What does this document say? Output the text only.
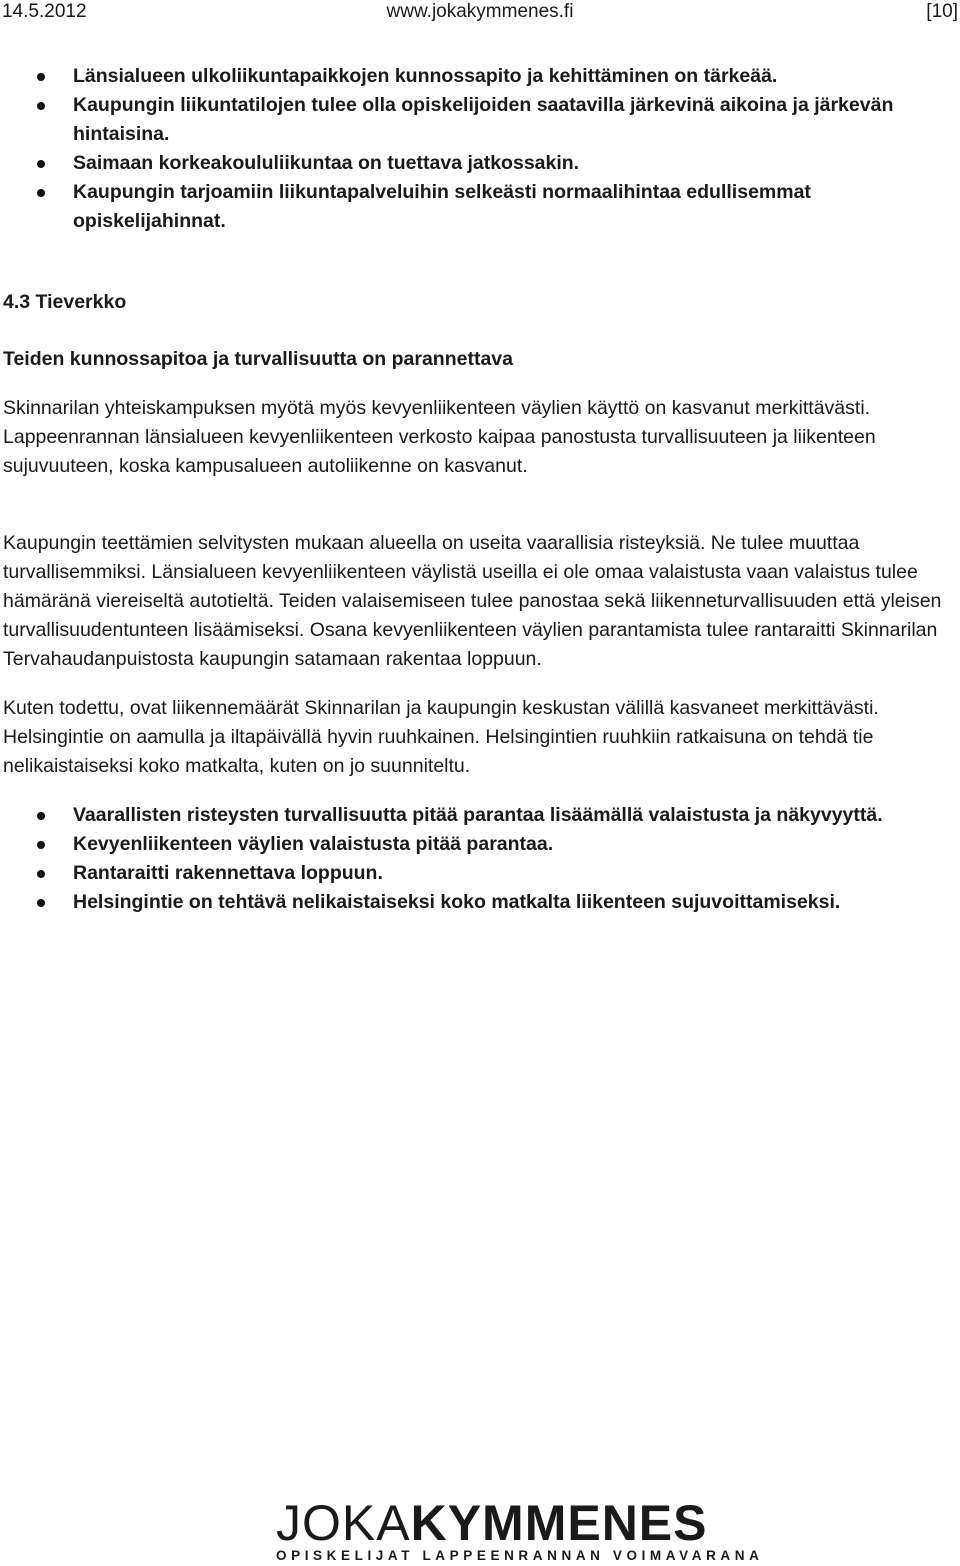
14.5.2012	www.jokakymmenes.fi	[10]
Länsialueen ulkoliikuntapaikkojen kunnossapito ja kehittäminen on tärkeää.
Kaupungin liikuntatilojen tulee olla opiskelijoiden saatavilla järkevinä aikoina ja järkevän hintaisina.
Saimaan korkeakoululiikuntaa on tuettava jatkossakin.
Kaupungin tarjoamiin liikuntapalveluihin selkeästi normaalihintaa edullisemmat opiskelijahinnat.
4.3 Tieverkko
Teiden kunnossapitoa ja turvallisuutta on parannettava

Skinnarilan yhteiskampuksen myötä myös kevyenliikenteen väylien käyttö on kasvanut merkittävästi. Lappeenrannan länsialueen kevyenliikenteen verkosto kaipaa panostusta turvallisuuteen ja liikenteen sujuvuuteen, koska kampusalueen autoliikenne on kasvanut.

Kaupungin teettämien selvitysten mukaan alueella on useita vaarallisia risteyksiä. Ne tulee muuttaa turvallisemmiksi. Länsialueen kevyenliikenteen väylistä useilla ei ole omaa valaistusta vaan valaistus tulee hämäränä viereiseltä autotieltä. Teiden valaisemiseen tulee panostaa sekä liikenneturvallisuuden että yleisen turvallisuudentunteen lisäämiseksi. Osana kevyenliikenteen väylien parantamista tulee rantaraitti Skinnarilan Tervahaudanpuistosta kaupungin satamaan rakentaa loppuun.

Kuten todettu, ovat liikennemäärät Skinnarilan ja kaupungin keskustan välillä kasvaneet merkittävästi. Helsingintie on aamulla ja iltapäivällä hyvin ruuhkainen. Helsingintien ruuhkiin ratkaisuna on tehdä tie nelikaistaiseksi koko matkalta, kuten on jo suunniteltu.

Vaarallisten risteysten turvallisuutta pitää parantaa lisäämällä valaistusta ja näkyvyyttä.
Kevyenliikenteen väylien valaistusta pitää parantaa.
Rantaraitti rakennettava loppuun.
Helsingintie on tehtävä nelikaistaiseksi koko matkalta liikenteen sujuvoittamiseksi.
JOKAKYMMENES
OPISKELIJAT LAPPEENRANNAN VOIMAVARANA
